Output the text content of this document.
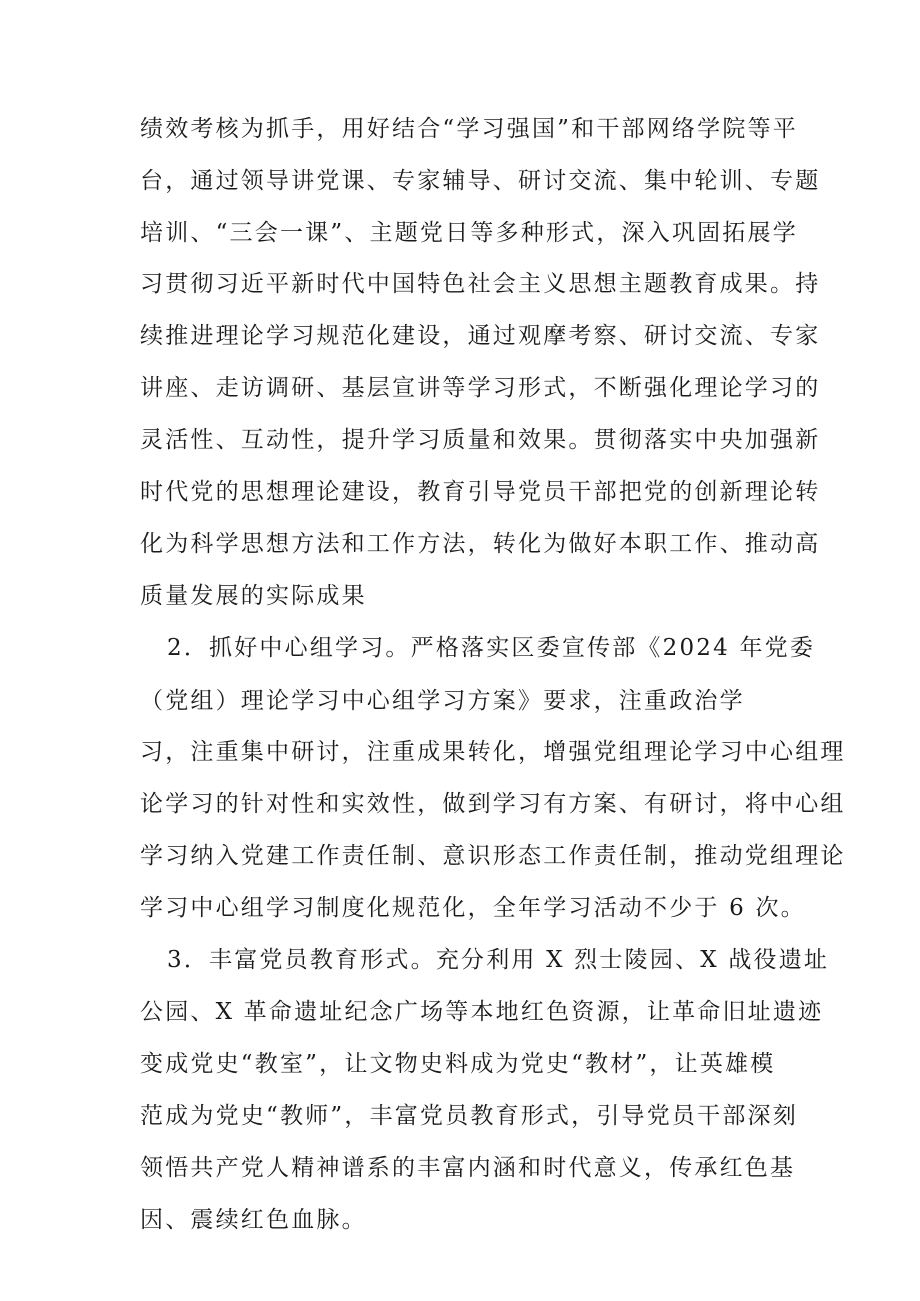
绩效考核为抓手，用好结合“学习强国”和干部网络学院等平
台，通过领导讲党课、专家辅导、研讨交流、集中轮训、专题
培训、“三会一课”、主题党日等多种形式，深入巩固拓展学
习贯彻习近平新时代中国特色社会主义思想主题教育成果。持
续推进理论学习规范化建设，通过观摩考察、研讨交流、专家
讲座、走访调研、基层宣讲等学习形式，不断强化理论学习的
灵活性、互动性，提升学习质量和效果。贯彻落实中央加强新
时代党的思想理论建设，教育引导党员干部把党的创新理论转
化为科学思想方法和工作方法，转化为做好本职工作、推动高
质量发展的实际成果
2．抓好中心组学习。严格落实区委宣传部《2024 年党委
（党组）理论学习中心组学习方案》要求，注重政治学
习，注重集中研讨，注重成果转化，增强党组理论学习中心组理
论学习的针对性和实效性，做到学习有方案、有研讨，将中心组
学习纳入党建工作责任制、意识形态工作责任制，推动党组理论
学习中心组学习制度化规范化，全年学习活动不少于 6 次。
3．丰富党员教育形式。充分利用 X 烈士陵园、X 战役遗址
公园、X 革命遗址纪念广场等本地红色资源，让革命旧址遗迹
变成党史“教室”，让文物史料成为党史“教材”，让英雄模
范成为党史“教师”，丰富党员教育形式，引导党员干部深刻
领悟共产党人精神谱系的丰富内涵和时代意义，传承红色基
因、震续红色血脉。
